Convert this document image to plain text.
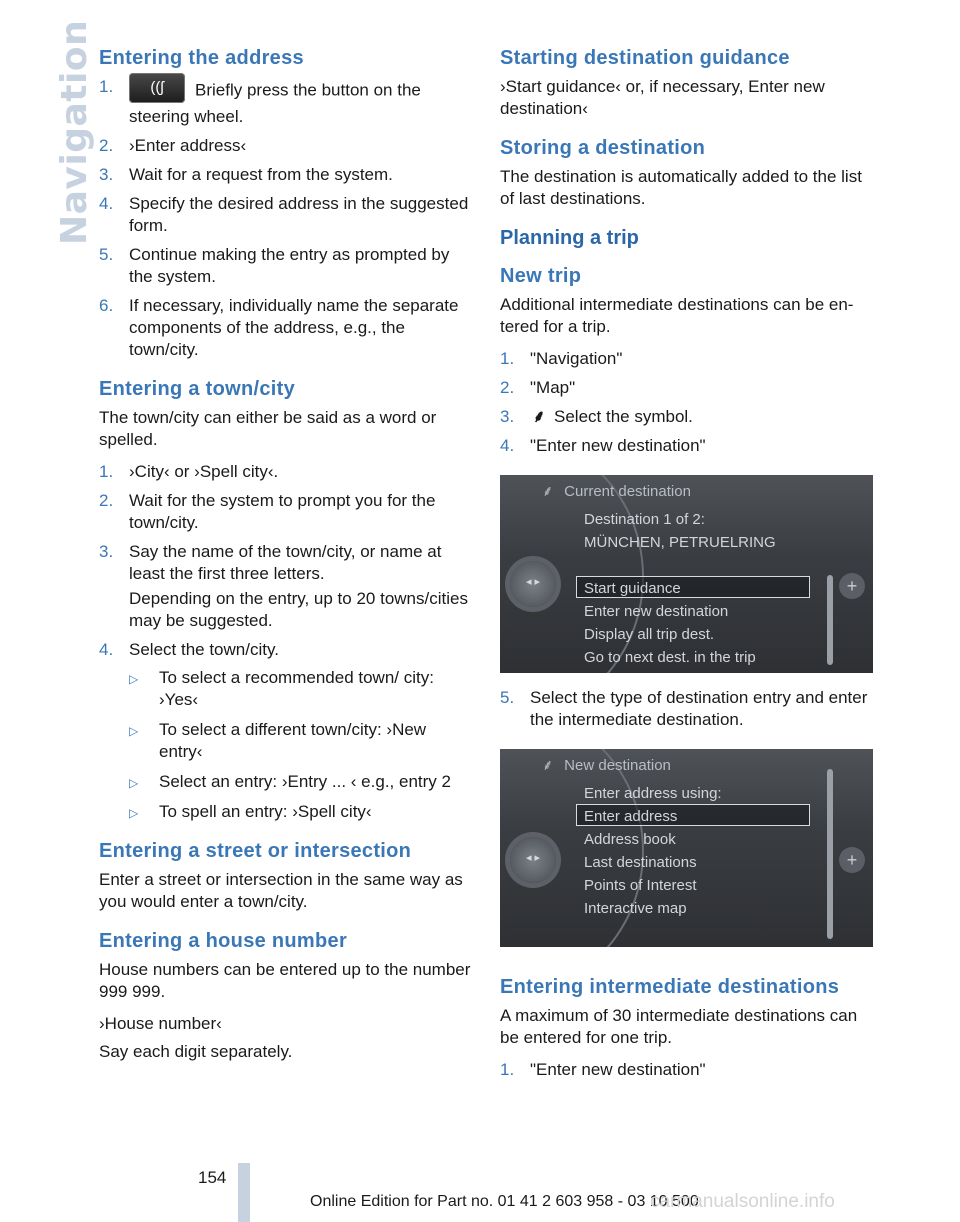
Navigation Entering the address
1. ((ʃ Briefly press the button on the steering wheel.
2. ›Enter address‹
3. Wait for a request from the system.
4. Specify the desired address in the suggested form.
5. Continue making the entry as prompted by the system.
6. If necessary, individually name the separate components of the address, e.g., the town/city.
Entering a town/city

The town/city can either be said as a word or spelled.

1. ›City‹ or ›Spell city‹.
2. Wait for the system to prompt you for the town/city.
3. Say the name of the town/city, or name at least the first three letters.
Depending on the entry, up to 20 towns/cities may be suggested.
4. Select the town/city.
▷ To select a recommended town/ city: ›Yes‹
▷ To select a different town/city: ›New entry‹
▷ Select an entry: ›Entry ... ‹ e.g., entry 2
▷ To spell an entry: ›Spell city‹
Entering a street or intersection

Enter a street or intersection in the same way as you would enter a town/city.

Entering a house number

House numbers can be entered up to the number 999 999.

›House number‹

Say each digit separately.

Starting destination guidance

›Start guidance‹ or, if necessary, Enter new destination‹

Storing a destination

The destination is automatically added to the list of last destinations.

Planning a trip
New trip

Additional intermediate destinations can be entered for a trip.

1. "Navigation"
2. "Map"
3. ⸙ Select the symbol.
4. "Enter new destination"
⸙ Current destination
Destination 1 of 2:
MÜNCHEN, PETRUELRING
Start guidance
Enter new destination
Display all trip dest.
Go to next dest. in the trip
◂ ▸
+
5. Select the type of destination entry and enter the intermediate destination.
⸙ New destination
Enter address using:
Enter address
Address book
Last destinations
Points of Interest
Interactive map
◂ ▸
+
Entering intermediate destinations

A maximum of 30 intermediate destinations can be entered for one trip.

1. "Enter new destination"
154
Online Edition for Part no. 01 41 2 603 958 - 03 10 500
carmanualsonline.info
